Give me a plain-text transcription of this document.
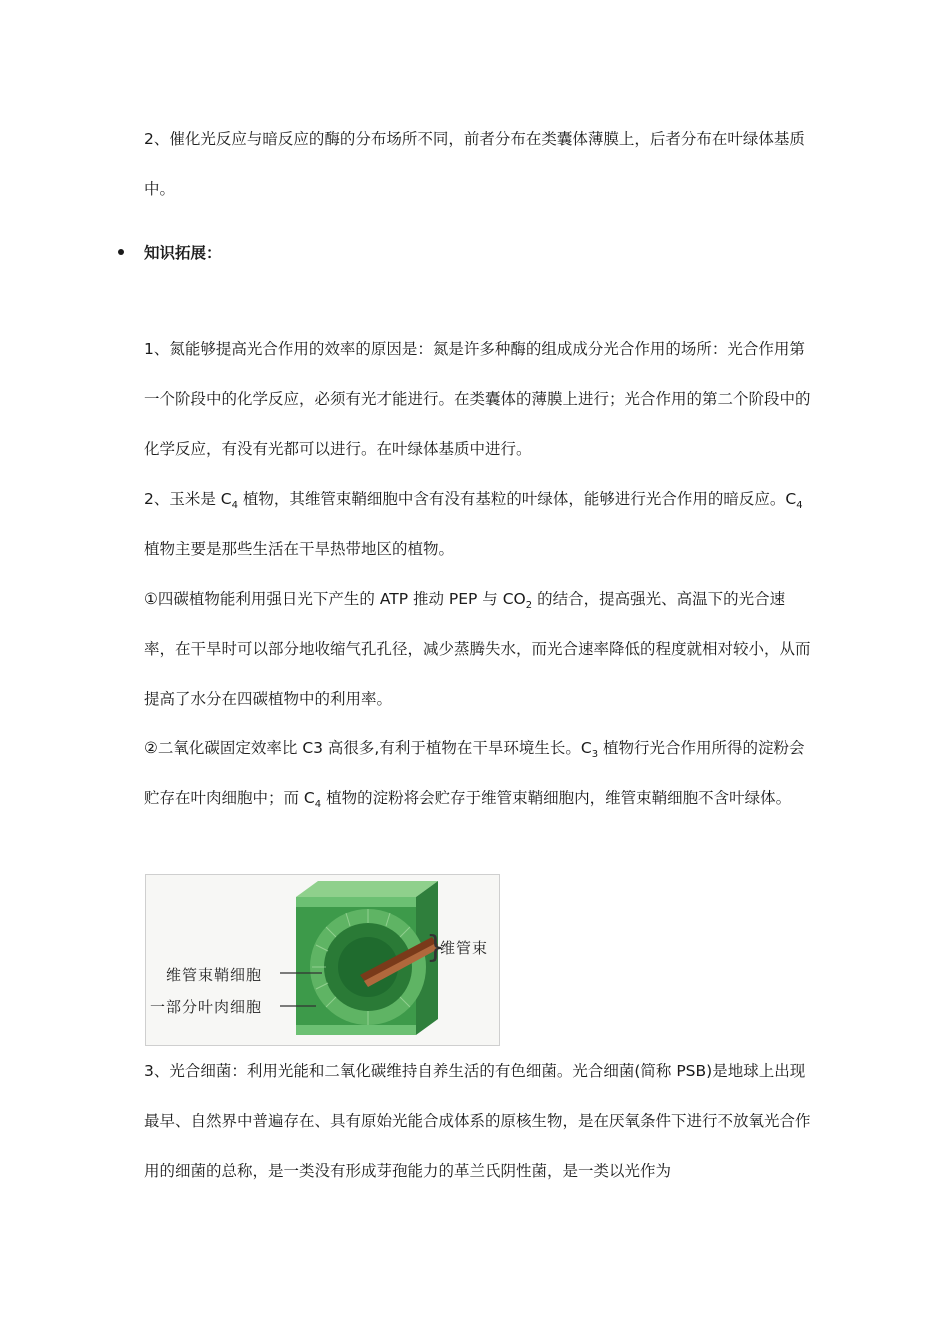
2、催化光反应与暗反应的酶的分布场所不同，前者分布在类囊体薄膜上，后者分布在叶绿体基质中。

知识拓展：

1、氮能够提高光合作用的效率的原因是：氮是许多种酶的组成成分光合作用的场所：光合作用第一个阶段中的化学反应，必须有光才能进行。在类囊体的薄膜上进行；光合作用的第二个阶段中的化学反应，有没有光都可以进行。在叶绿体基质中进行。

2、玉米是 $C_4$ 植物，其维管束鞘细胞中含有没有基粒的叶绿体，能够进行光合作用的暗反应。$C_4$ 植物主要是那些生活在干旱热带地区的植物。

①四碳植物能利用强日光下产生的 ATP 推动 PEP 与 $CO_2$ 的结合，提高强光、高温下的光合速率，在干旱时可以部分地收缩气孔孔径，减少蒸腾失水，而光合速率降低的程度就相对较小，从而提高了水分在四碳植物中的利用率。

②二氧化碳固定效率比 C3 高很多,有利于植物在干旱环境生长。$C_3$ 植物行光合作用所得的淀粉会贮存在叶肉细胞中；而 $C_4$ 植物的淀粉将会贮存于维管束鞘细胞内，维管束鞘细胞不含叶绿体。

}
维管束
维管束鞘细胞
一部分叶肉细胞

3、光合细菌：利用光能和二氧化碳维持自养生活的有色细菌。光合细菌(简称 PSB)是地球上出现最早、自然界中普遍存在、具有原始光能合成体系的原核生物，是在厌氧条件下进行不放氧光合作用的细菌的总称，是一类没有形成芽孢能力的革兰氏阴性菌，是一类以光作为
